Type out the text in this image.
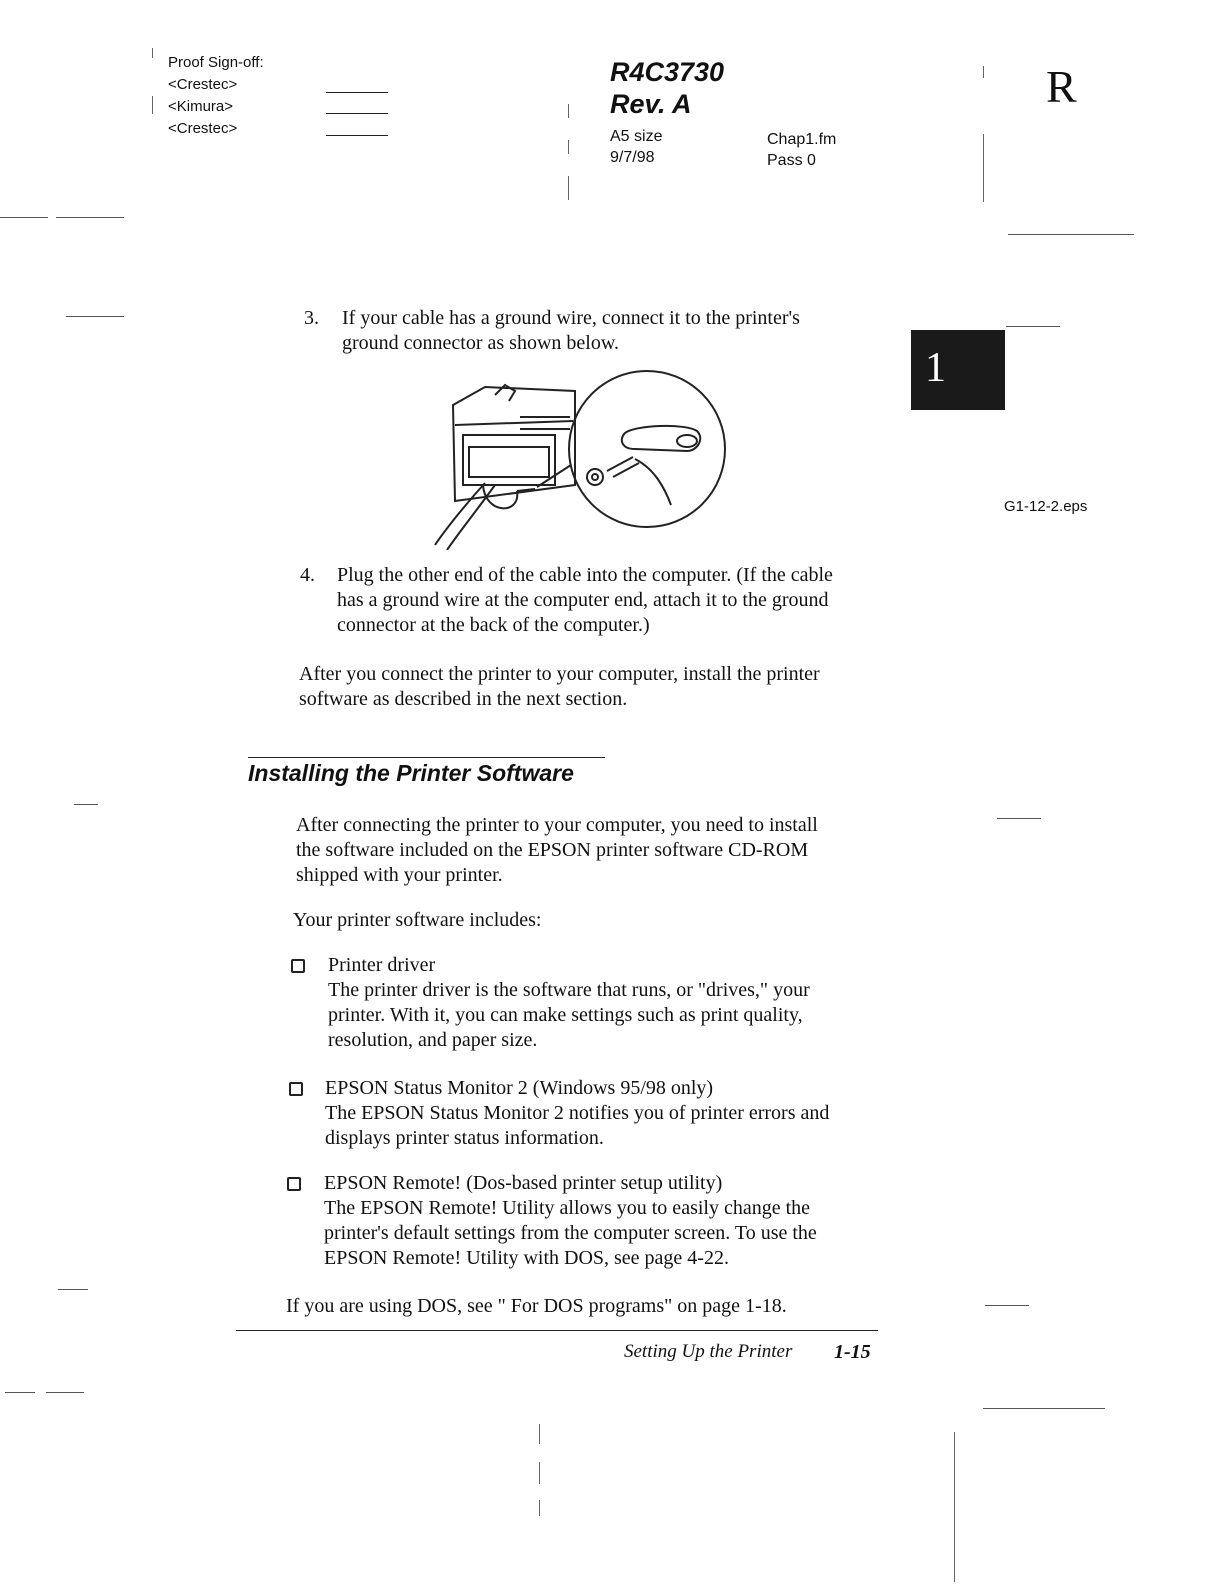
Proof Sign-off:
<Crestec>
<Kimura>
<Crestec>
R4C3730
Rev. A
A5 size
9/7/98
Chap1.fm
Pass 0
R
1
3. If your cable has a ground wire, connect it to the printer's
ground connector as shown below.
G1-12-2.eps
4. Plug the other end of the cable into the computer. (If the cable
has a ground wire at the computer end, attach it to the ground
connector at the back of the computer.)
After you connect the printer to your computer, install the printer
software as described in the next section.
Installing the Printer Software
After connecting the printer to your computer, you need to install
the software included on the EPSON printer software CD-ROM
shipped with your printer.
Your printer software includes:
Printer driver
The printer driver is the software that runs, or "drives," your
printer. With it, you can make settings such as print quality,
resolution, and paper size.
EPSON Status Monitor 2 (Windows 95/98 only)
The EPSON Status Monitor 2 notifies you of printer errors and
displays printer status information.
EPSON Remote! (Dos-based printer setup utility)
The EPSON Remote! Utility allows you to easily change the
printer's default settings from the computer screen. To use the
EPSON Remote! Utility with DOS, see page 4-22.
If you are using DOS, see " For DOS programs" on page 1-18.
Setting Up the Printer 1-15
